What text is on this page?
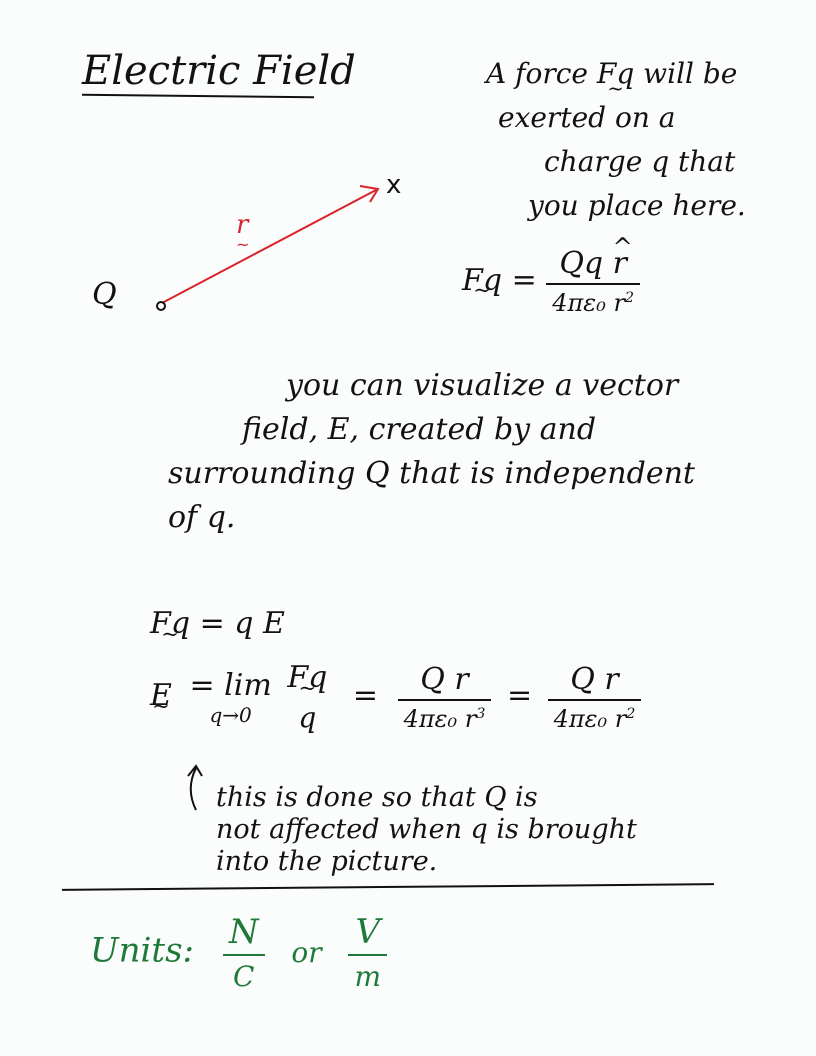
Electric Field	A force Fq ~ will be
exerted on a
charge q that
you place here.
Q
x
r
~
Fq ~ = $\frac{Qq \^{} r}{4\pi\varepsilon_0 r^2}$
you can visualize a vector
field, E, created by and
surrounding Q that is independent
of q.
Fq ~ = q E
E ~ = lim
q→0

Fq ~
q
= $\frac{\text{Q r}}{4\pi\varepsilon_0 r^3} = \frac{\text{Q r}}{4\pi\varepsilon_0 r^2}$
this is done so that Q is
not affected when q is brought
into the picture.
Units: $\frac{N}{C}$ or $\frac{V}{m}$
